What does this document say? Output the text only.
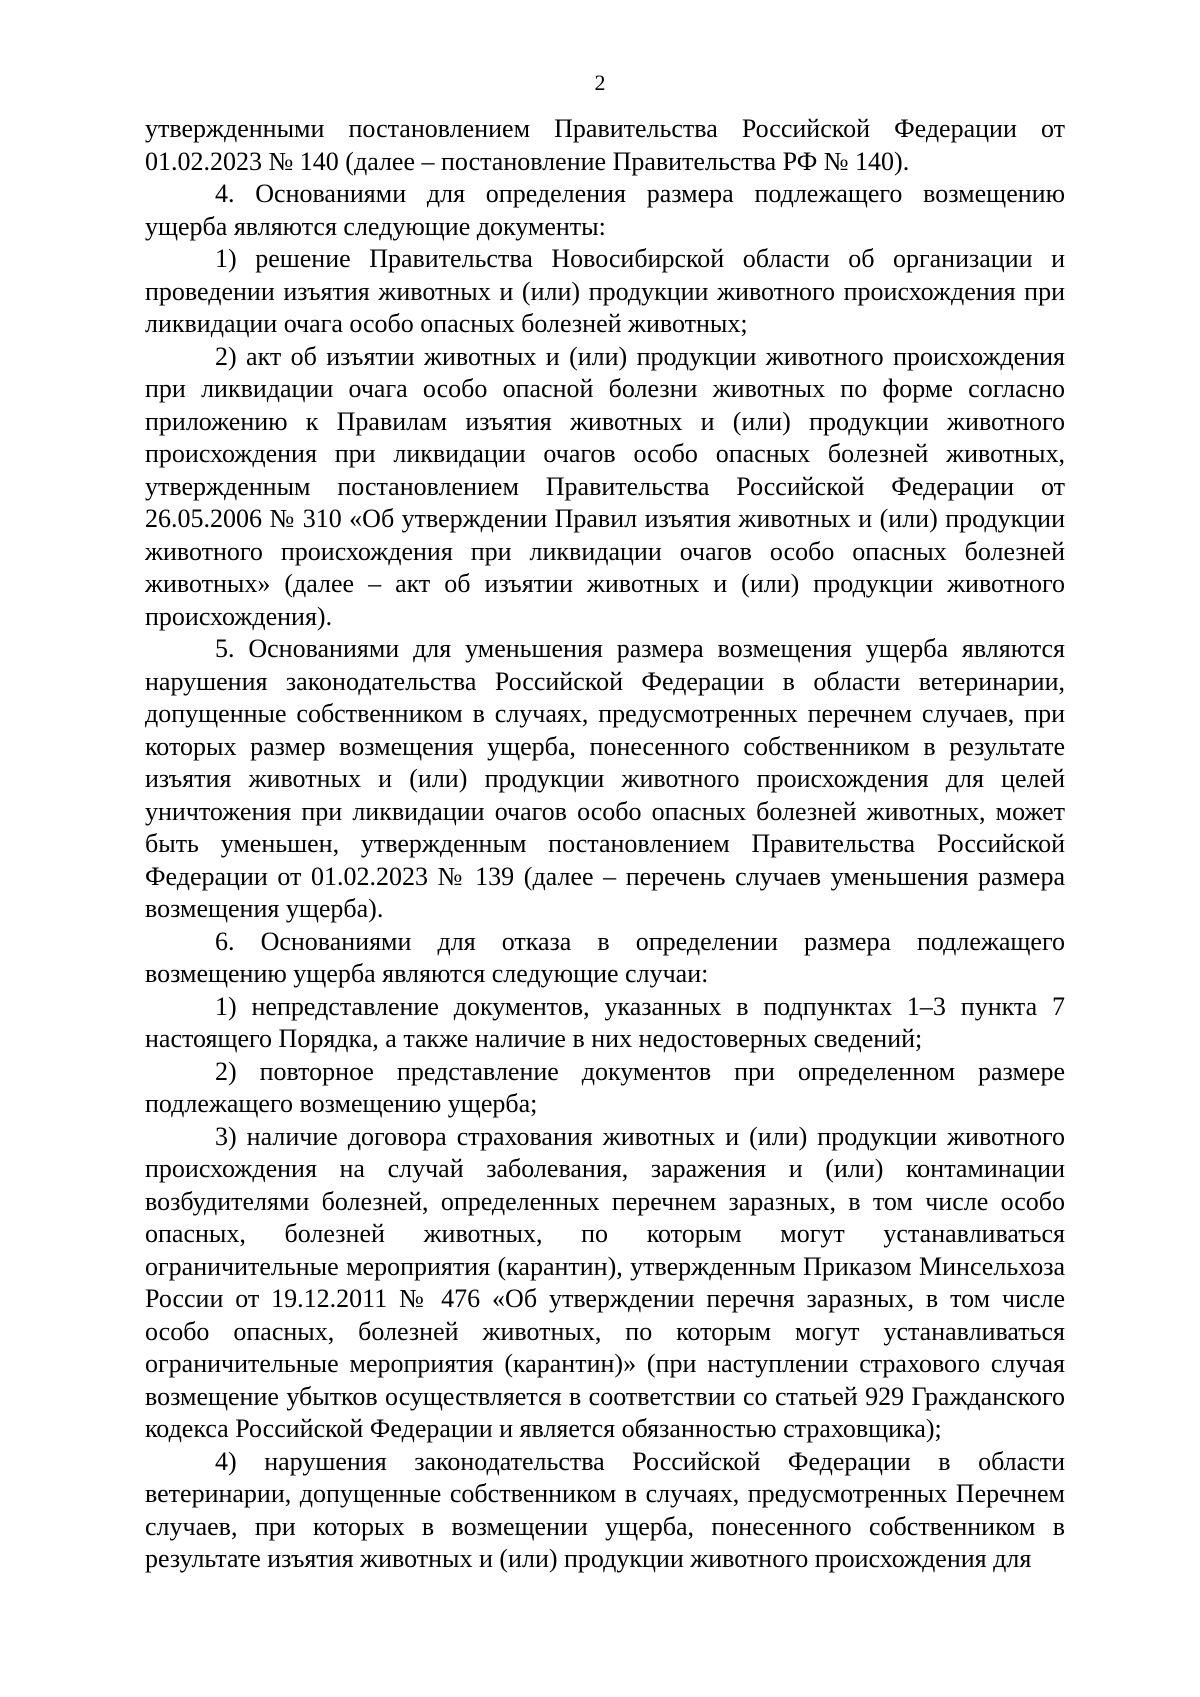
2

утвержденными постановлением Правительства Российской Федерации от 01.02.2023 № 140 (далее – постановление Правительства РФ № 140).

4. Основаниями для определения размера подлежащего возмещению ущерба являются следующие документы:

1) решение Правительства Новосибирской области об организации и проведении изъятия животных и (или) продукции животного происхождения при ликвидации очага особо опасных болезней животных;

2) акт об изъятии животных и (или) продукции животного происхождения при ликвидации очага особо опасной болезни животных по форме согласно приложению к Правилам изъятия животных и (или) продукции животного происхождения при ликвидации очагов особо опасных болезней животных, утвержденным постановлением Правительства Российской Федерации от 26.05.2006 № 310 «Об утверждении Правил изъятия животных и (или) продукции животного происхождения при ликвидации очагов особо опасных болезней животных» (далее – акт об изъятии животных и (или) продукции животного происхождения).

5. Основаниями для уменьшения размера возмещения ущерба являются нарушения законодательства Российской Федерации в области ветеринарии, допущенные собственником в случаях, предусмотренных перечнем случаев, при которых размер возмещения ущерба, понесенного собственником в результате изъятия животных и (или) продукции животного происхождения для целей уничтожения при ликвидации очагов особо опасных болезней животных, может быть уменьшен, утвержденным постановлением Правительства Российской Федерации от 01.02.2023 № 139 (далее – перечень случаев уменьшения размера возмещения ущерба).

6. Основаниями для отказа в определении размера подлежащего возмещению ущерба являются следующие случаи:

1) непредставление документов, указанных в подпунктах 1–3 пункта 7 настоящего Порядка, а также наличие в них недостоверных сведений;

2) повторное представление документов при определенном размере подлежащего возмещению ущерба;

3) наличие договора страхования животных и (или) продукции животного происхождения на случай заболевания, заражения и (или) контаминации возбудителями болезней, определенных перечнем заразных, в том числе особо опасных, болезней животных, по которым могут устанавливаться ограничительные мероприятия (карантин), утвержденным Приказом Минсельхоза России от 19.12.2011 № 476 «Об утверждении перечня заразных, в том числе особо опасных, болезней животных, по которым могут устанавливаться ограничительные мероприятия (карантин)» (при наступлении страхового случая возмещение убытков осуществляется в соответствии со статьей 929 Гражданского кодекса Российской Федерации и является обязанностью страховщика);

4) нарушения законодательства Российской Федерации в области ветеринарии, допущенные собственником в случаях, предусмотренных Перечнем случаев, при которых в возмещении ущерба, понесенного собственником в результате изъятия животных и (или) продукции животного происхождения для
